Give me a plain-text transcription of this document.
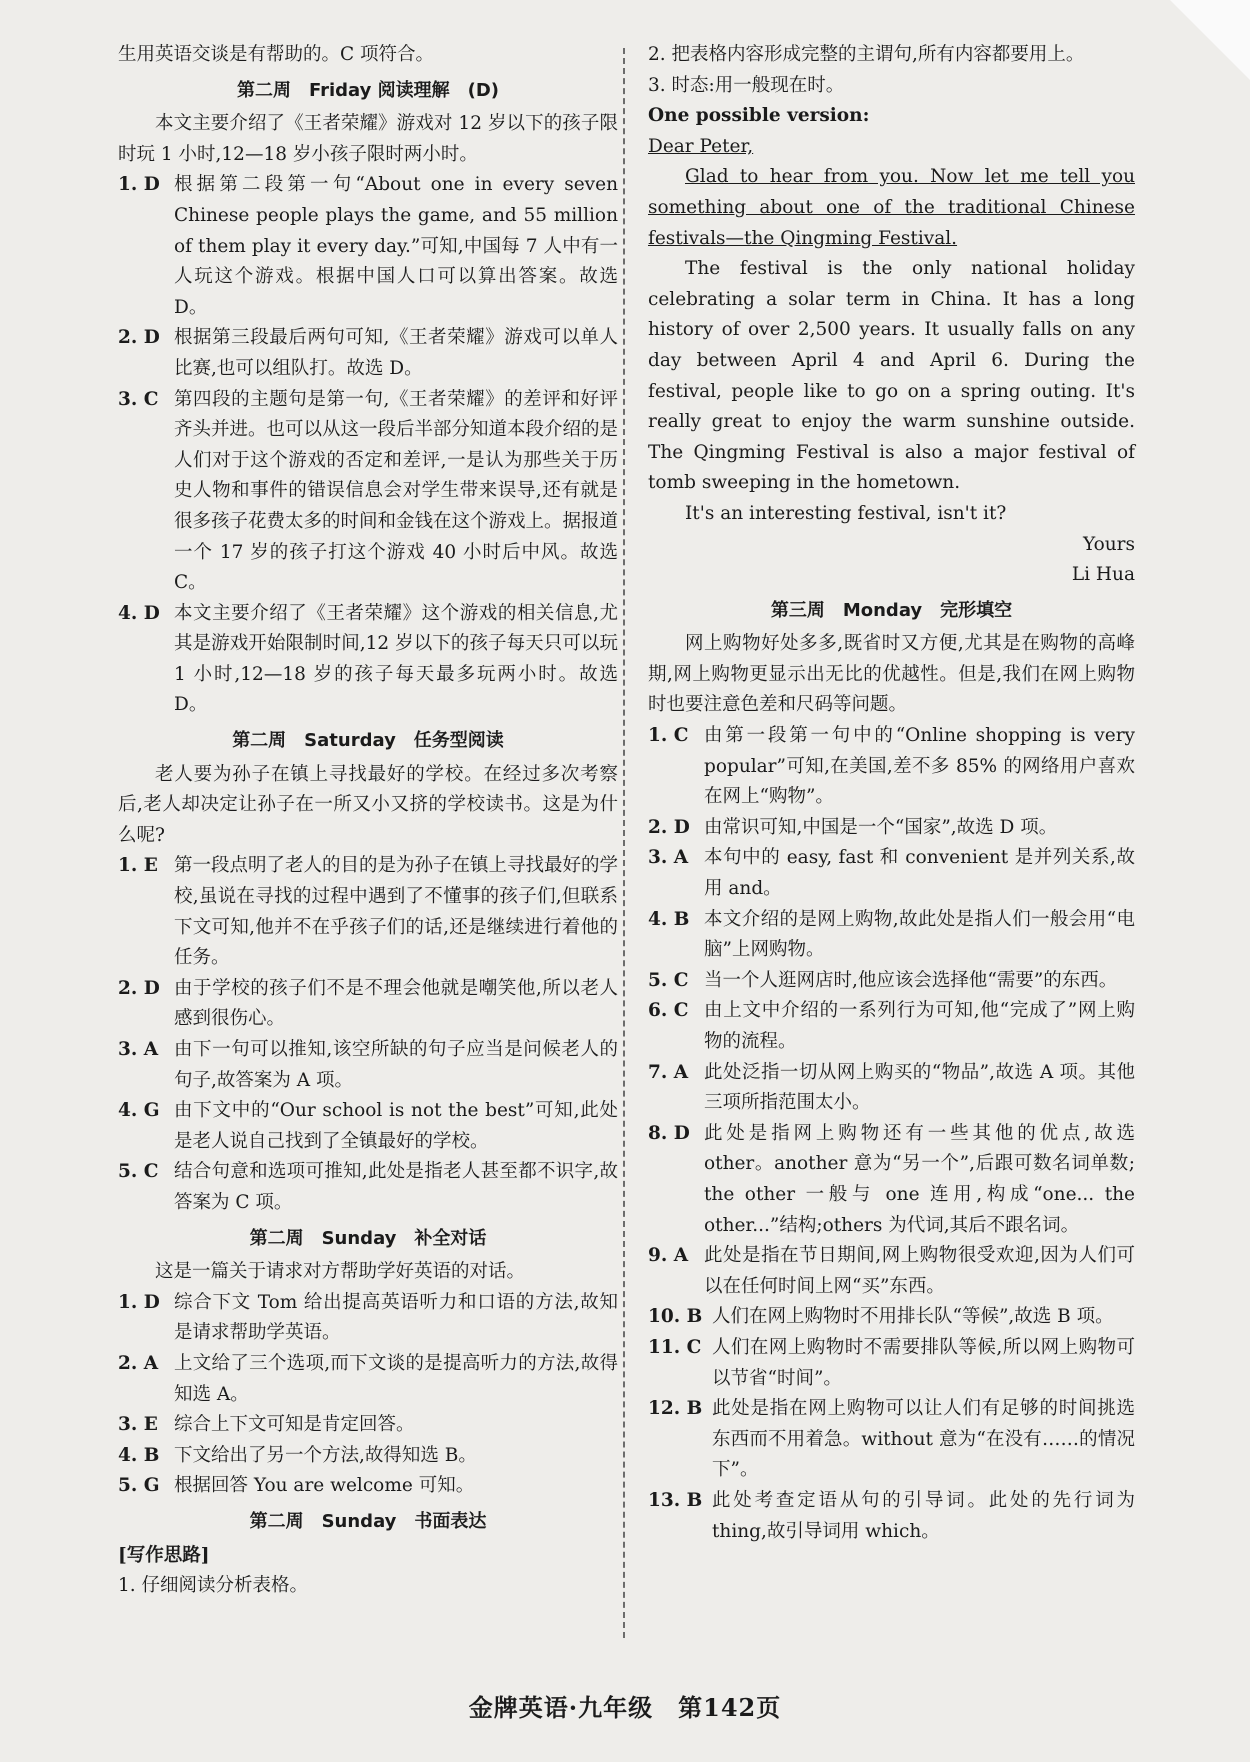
生用英语交谈是有帮助的。C 项符合。

第二周　Friday 阅读理解　(D)

本文主要介绍了《王者荣耀》游戏对 12 岁以下的孩子限时玩 1 小时,12—18 岁小孩子限时两小时。

1. D 根据第二段第一句“About one in every seven Chinese people plays the game, and 55 million of them play it every day.”可知,中国每 7 人中有一人玩这个游戏。根据中国人口可以算出答案。故选 D。
2. D 根据第三段最后两句可知,《王者荣耀》游戏可以单人比赛,也可以组队打。故选 D。
3. C 第四段的主题句是第一句,《王者荣耀》的差评和好评齐头并进。也可以从这一段后半部分知道本段介绍的是人们对于这个游戏的否定和差评,一是认为那些关于历史人物和事件的错误信息会对学生带来误导,还有就是很多孩子花费太多的时间和金钱在这个游戏上。据报道一个 17 岁的孩子打这个游戏 40 小时后中风。故选 C。
4. D 本文主要介绍了《王者荣耀》这个游戏的相关信息,尤其是游戏开始限制时间,12 岁以下的孩子每天只可以玩 1 小时,12—18 岁的孩子每天最多玩两小时。故选 D。

第二周　Saturday　任务型阅读

老人要为孙子在镇上寻找最好的学校。在经过多次考察后,老人却决定让孙子在一所又小又挤的学校读书。这是为什么呢?

1. E 第一段点明了老人的目的是为孙子在镇上寻找最好的学校,虽说在寻找的过程中遇到了不懂事的孩子们,但联系下文可知,他并不在乎孩子们的话,还是继续进行着他的任务。
2. D 由于学校的孩子们不是不理会他就是嘲笑他,所以老人感到很伤心。
3. A 由下一句可以推知,该空所缺的句子应当是问候老人的句子,故答案为 A 项。
4. G 由下文中的“Our school is not the best”可知,此处是老人说自己找到了全镇最好的学校。
5. C 结合句意和选项可推知,此处是指老人甚至都不识字,故答案为 C 项。

第二周　Sunday　补全对话

这是一篇关于请求对方帮助学好英语的对话。

1. D 综合下文 Tom 给出提高英语听力和口语的方法,故知是请求帮助学英语。
2. A 上文给了三个选项,而下文谈的是提高听力的方法,故得知选 A。
3. E 综合上下文可知是肯定回答。
4. B 下文给出了另一个方法,故得知选 B。
5. G 根据回答 You are welcome 可知。

第二周　Sunday　书面表达

[写作思路]

1. 仔细阅读分析表格。

2. 把表格内容形成完整的主谓句,所有内容都要用上。

3. 时态:用一般现在时。

One possible version:

Dear Peter,

Glad to hear from you. Now let me tell you something about one of the traditional Chinese festivals—the Qingming Festival.

The festival is the only national holiday celebrating a solar term in China. It has a long history of over 2,500 years. It usually falls on any day between April 4 and April 6. During the festival, people like to go on a spring outing. It's really great to enjoy the warm sunshine outside. The Qingming Festival is also a major festival of tomb sweeping in the hometown.

It's an interesting festival, isn't it?

Yours

Li Hua

第三周　Monday　完形填空

网上购物好处多多,既省时又方便,尤其是在购物的高峰期,网上购物更显示出无比的优越性。但是,我们在网上购物时也要注意色差和尺码等问题。

1. C 由第一段第一句中的“Online shopping is very popular”可知,在美国,差不多 85% 的网络用户喜欢在网上“购物”。
2. D 由常识可知,中国是一个“国家”,故选 D 项。
3. A 本句中的 easy, fast 和 convenient 是并列关系,故用 and。
4. B 本文介绍的是网上购物,故此处是指人们一般会用“电脑”上网购物。
5. C 当一个人逛网店时,他应该会选择他“需要”的东西。
6. C 由上文中介绍的一系列行为可知,他“完成了”网上购物的流程。
7. A 此处泛指一切从网上购买的“物品”,故选 A 项。其他三项所指范围太小。
8. D 此处是指网上购物还有一些其他的优点,故选 other。another 意为“另一个”,后跟可数名词单数; the other 一般与 one 连用,构成“one... the other...”结构;others 为代词,其后不跟名词。
9. A 此处是指在节日期间,网上购物很受欢迎,因为人们可以在任何时间上网“买”东西。
10. B 人们在网上购物时不用排长队“等候”,故选 B 项。
11. C 人们在网上购物时不需要排队等候,所以网上购物可以节省“时间”。
12. B 此处是指在网上购物可以让人们有足够的时间挑选东西而不用着急。without 意为“在没有……的情况下”。
13. B 此处考查定语从句的引导词。此处的先行词为 thing,故引导词用 which。
金牌英语·九年级　第142页
